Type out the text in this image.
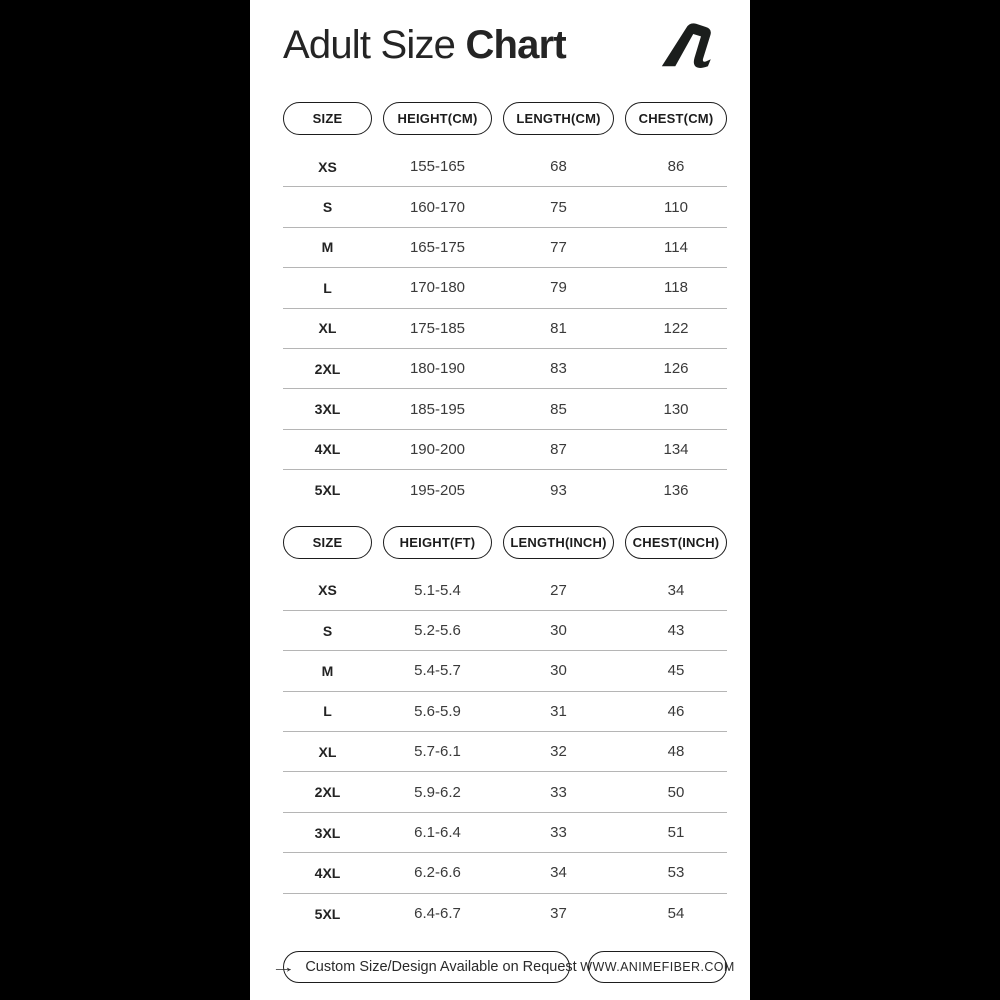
Adult Size Chart
SIZE	HEIGHT(CM)	LENGTH(CM)	CHEST(CM)
XS	155-165	68	86
S	160-170	75	110
M	165-175	77	114
L	170-180	79	118
XL	175-185	81	122
2XL	180-190	83	126
3XL	185-195	85	130
4XL	190-200	87	134
5XL	195-205	93	136
SIZE	HEIGHT(FT)	LENGTH(INCH)	CHEST(INCH)
XS	5.1-5.4	27	34
S	5.2-5.6	30	43
M	5.4-5.7	30	45
L	5.6-5.9	31	46
XL	5.7-6.1	32	48
2XL	5.9-6.2	33	50
3XL	6.1-6.4	33	51
4XL	6.2-6.6	34	53
5XL	6.4-6.7	37	54
→ Custom Size/Design Available on Request WWW.ANIMEFIBER.COM
